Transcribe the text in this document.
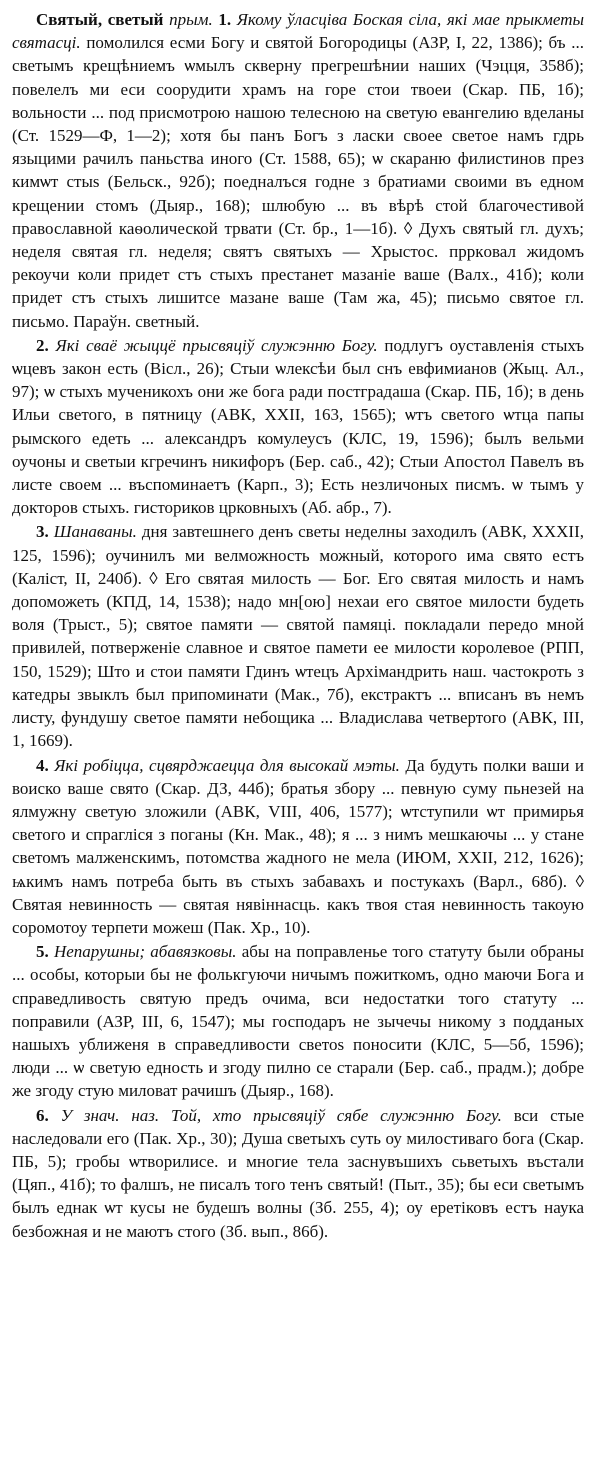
Святый, светый прым. 1. Якому ўласціва Боская сіла, які мае прыкметы святасці. помолился есми Богу и святой Богородицы (АЗР, I, 22, 1386); бъ ... светымъ крещѣниемъ ѡмылъ скверну прегрешѣнии наших (Чэцця, 358б); повелелъ ми еси соорудити храмъ на горе стои твоеи (Скар. ПБ, 1б); вольности ... под присмотрою нашою телесною на светую евангелию вделаны (Ст. 1529—Ф, 1—2); хотя бы панъ Богъ з ласки своее светое намъ гдрь языцими рачилъ паньства иного (Ст. 1588, 65); ѡ скараню филистинов през кимѡт стыѕ (Бельск., 92б); поедналъся годне з братиами своими въ едном крещении стомъ (Дыяр., 168); шлюбую ... въ вѣрѣ стой благочестивой православной каѳолической трвати (Ст. бр., 1—1б). ◊ Духъ святый гл. духъ; неделя святая гл. неделя; святъ святыхъ — Хрыстос. прркoвал жидомъ рекоучи коли придет стъ стыхъ престанет мазаніе ваше (Валх., 41б); коли придет стъ стыхъ лишитсе мазане ваше (Там жа, 45); письмо святое гл. письмо. Параўн. светный.

2. Які сваё жыццё прысвяціў служэнню Богу. подлугъ оуставленія стыхъ ѡцевъ закон есть (Вісл., 26); Стыи ѡлексѣи был снъ евфимианов (Жыц. Ал., 97); ѡ стыхъ мученикохъ они же бога ради постградаша (Скар. ПБ, 1б); в день Ильи светого, в пятницу (АВК, XXII, 163, 1565); ѡтъ светого ѡтца папы рымского едеть ... александръ комулеусъ (КЛС, 19, 1596); былъ вельми оучоны и светыи кгречинъ никифоръ (Бер. саб., 42); Стыи Апостол Павелъ въ листе своем ... въспоминаетъ (Карп., 3); Есть незличоных писмъ. ѡ тымъ у докторов стыхъ. гисториков црковныхъ (Аб. абр., 7).

3. Шанаваны. дня завтешнего денъ светы неделны заходилъ (АВК, XXXII, 125, 1596); оучинилъ ми велможность можный, которого има свято естъ (Каліст, II, 240б). ◊ Его святая милость — Бог. Его святая милость и намъ допоможеть (КПД, 14, 1538); надо мн[ою] нехаи его святое милости будеть воля (Трыст., 5); святое памяти — святой памяці. покладали передо мной привилей, потверженіе славное и святое памети ее милости королевое (РПП, 150, 1529); Што и стои памяти Гдинъ ѡтецъ Архімандрить наш. частокроть з катедры звыклъ был припоминати (Мак., 7б), екстрактъ ... вписанъ въ немъ листу, фундушу светое памяти небощика ... Владислава четвертого (АВК, III, 1, 1669).

4. Які робіцца, сцвярджаецца для высокай мэты. Да будуть полки ваши и воиско ваше свято (Скар. ДЗ, 44б); братья збору ... певную суму пьнезей на ялмужну светую зложили (АВК, VIII, 406, 1577); ѡтступили ѡт примирья светого и спрагліся з поганы (Кн. Мак., 48); я ... з нимъ мешкаючы ... у стане светомъ малженскимъ, потомства жадного не мела (ИЮМ, XXII, 212, 1626); ѩкимъ намъ потреба быть въ стыхъ забавахъ и постукахъ (Варл., 68б). ◊ Святая невинность — святая нявіннасць. какъ твоя стая невинность такоую соромотоу терпети можеш (Пак. Хр., 10).

5. Непарушны; абавязковы. абы на поправленье того статуту были обраны ... особы, которыи бы не фолькгуючи ничымъ пожиткомъ, одно маючи Бога и справедливость святую предъ очима, вси недостатки того статуту ... поправили (АЗР, III, 6, 1547); мы господаръ не зычечы никому з подданых нашыхъ уближеня в справедливости светоѕ поносити (КЛС, 5—5б, 1596); люди ... ѡ светую едность и згоду пилно се старали (Бер. саб., прадм.); добре же згоду стую миловат рачишъ (Дыяр., 168).

6. У знач. наз. Той, хто прысвяціў сябе служэнню Богу. вси стые наследовали его (Пак. Хр., 30); Душа светыхъ суть оу милостиваго бога (Скар. ПБ, 5); гробы ѡтворилисе. и многие тела заснувъшихъ сьветыхъ въстали (Цяп., 41б); то фалшъ, не писалъ того тенъ святый! (Пыт., 35); бы еси светымъ былъ еднак ѡт кусы не будешъ волны (Зб. 255, 4); оу еретіковъ естъ наука безбожная и не маютъ стого (Зб. вып., 86б).
